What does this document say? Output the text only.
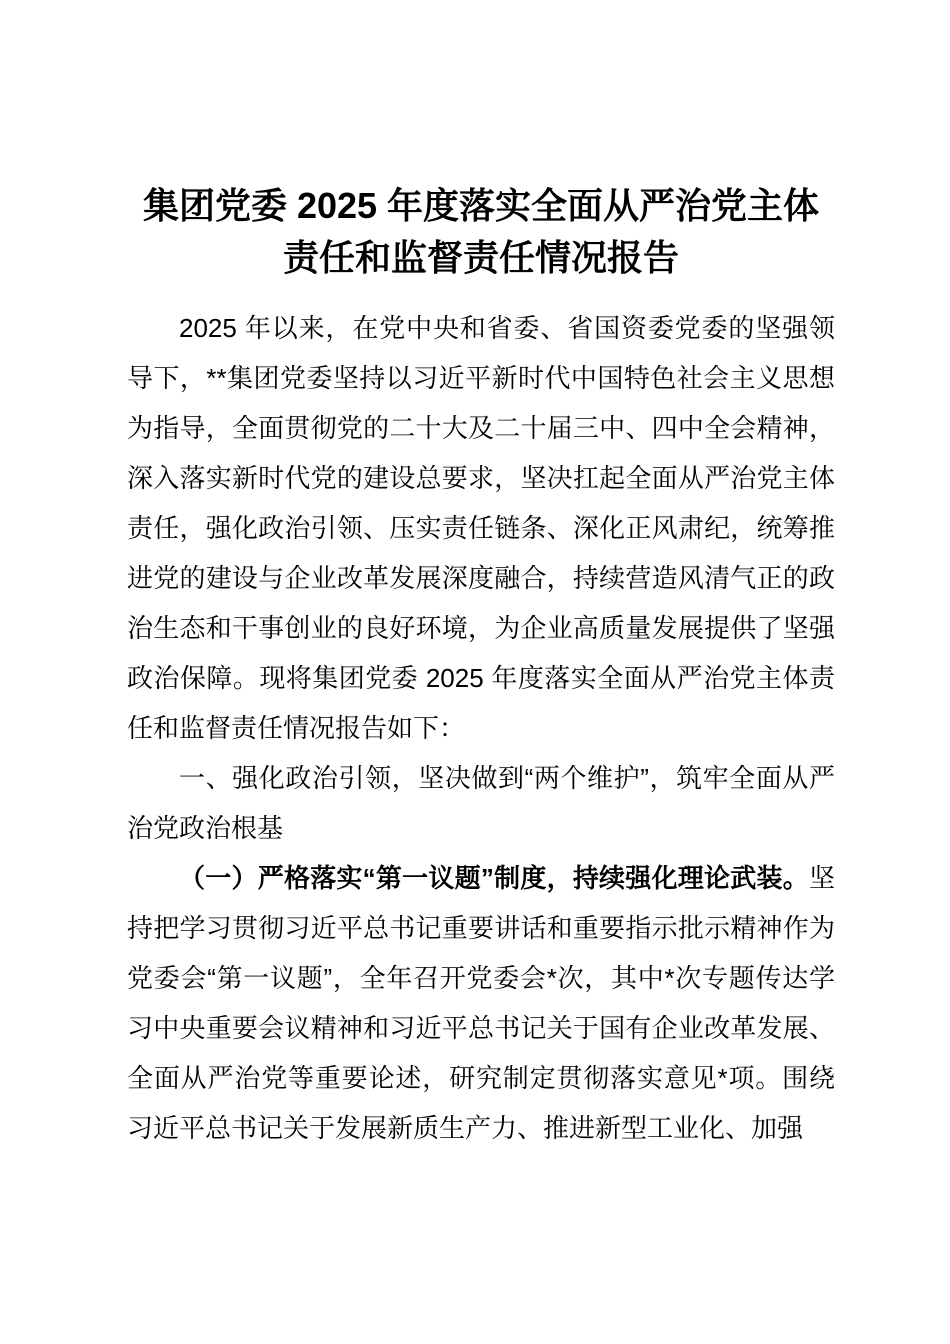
集团党委 2025 年度落实全面从严治党主体责任和监督责任情况报告

2025 年以来，在党中央和省委、省国资委党委的坚强领导下，**集团党委坚持以习近平新时代中国特色社会主义思想为指导，全面贯彻党的二十大及二十届三中、四中全会精神，深入落实新时代党的建设总要求，坚决扛起全面从严治党主体责任，强化政治引领、压实责任链条、深化正风肃纪，统筹推进党的建设与企业改革发展深度融合，持续营造风清气正的政治生态和干事创业的良好环境，为企业高质量发展提供了坚强政治保障。现将集团党委 2025 年度落实全面从严治党主体责任和监督责任情况报告如下：

一、强化政治引领，坚决做到“两个维护”，筑牢全面从严治党政治根基

（一）严格落实“第一议题”制度，持续强化理论武装。坚持把学习贯彻习近平总书记重要讲话和重要指示批示精神作为党委会“第一议题”，全年召开党委会*次，其中*次专题传达学习中央重要会议精神和习近平总书记关于国有企业改革发展、全面从严治党等重要论述，研究制定贯彻落实意见*项。围绕习近平总书记关于发展新质生产力、推进新型工业化、加强
